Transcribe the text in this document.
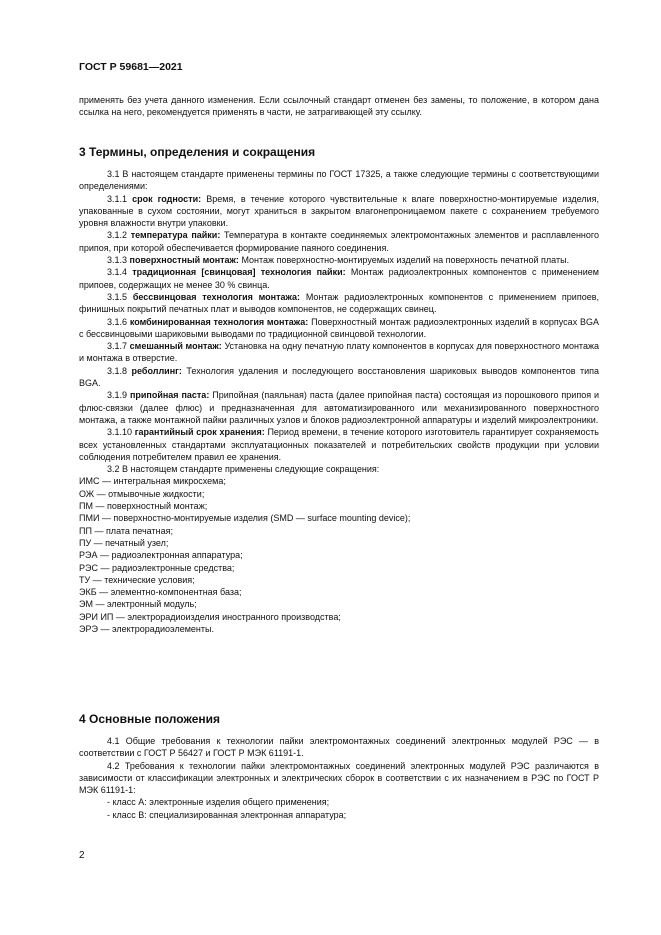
ГОСТ Р 59681—2021

применять без учета данного изменения. Если ссылочный стандарт отменен без замены, то положение, в котором дана ссылка на него, рекомендуется применять в части, не затрагивающей эту ссылку.

3 Термины, определения и сокращения

3.1 В настоящем стандарте применены термины по ГОСТ 17325, а также следующие термины с соответствующими определениями:

3.1.1 срок годности: Время, в течение которого чувствительные к влаге поверхностно-монтируемые изделия, упакованные в сухом состоянии, могут храниться в закрытом влагонепроницаемом пакете с сохранением требуемого уровня влажности внутри упаковки.

3.1.2 температура пайки: Температура в контакте соединяемых электромонтажных элементов и расплавленного припоя, при которой обеспечивается формирование паяного соединения.

3.1.3 поверхностный монтаж: Монтаж поверхностно-монтируемых изделий на поверхность печатной платы.

3.1.4 традиционная [свинцовая] технология пайки: Монтаж радиоэлектронных компонентов с применением припоев, содержащих не менее 30 % свинца.

3.1.5 бессвинцовая технология монтажа: Монтаж радиоэлектронных компонентов с применением припоев, финишных покрытий печатных плат и выводов компонентов, не содержащих свинец.

3.1.6 комбинированная технология монтажа: Поверхностный монтаж радиоэлектронных изделий в корпусах BGA с бессвинцовыми шариковыми выводами по традиционной свинцовой технологии.

3.1.7 смешанный монтаж: Установка на одну печатную плату компонентов в корпусах для поверхностного монтажа и монтажа в отверстие.

3.1.8 реболлинг: Технология удаления и последующего восстановления шариковых выводов компонентов типа BGA.

3.1.9 припойная паста: Припойная (паяльная) паста (далее припойная паста) состоящая из порошкового припоя и флюс-связки (далее флюс) и предназначенная для автоматизированного или механизированного поверхностного монтажа, а также монтажной пайки различных узлов и блоков радиоэлектронной аппаратуры и изделий микроэлектроники.

3.1.10 гарантийный срок хранения: Период времени, в течение которого изготовитель гарантирует сохраняемость всех установленных стандартами эксплуатационных показателей и потребительских свойств продукции при условии соблюдения потребителем правил ее хранения.

3.2 В настоящем стандарте применены следующие сокращения:

ИМС — интегральная микросхема;
ОЖ — отмывочные жидкости;
ПМ — поверхностный монтаж;
ПМИ — поверхностно-монтируемые изделия (SMD — surface mounting device);
ПП — плата печатная;
ПУ — печатный узел;
РЭА — радиоэлектронная аппаратура;
РЭС — радиоэлектронные средства;
ТУ — технические условия;
ЭКБ — элементно-компонентная база;
ЭМ — электронный модуль;
ЭРИ ИП — электрорадиоизделия иностранного производства;
ЭРЭ — электрорадиоэлементы.
4 Основные положения

4.1 Общие требования к технологии пайки электромонтажных соединений электронных модулей РЭС — в соответствии с ГОСТ Р 56427 и ГОСТ Р МЭК 61191-1.

4.2 Требования к технологии пайки электромонтажных соединений электронных модулей РЭС различаются в зависимости от классификации электронных и электрических сборок в соответствии с их назначением в РЭС по ГОСТ Р МЭК 61191-1:

- класс А: электронные изделия общего применения;

- класс В: специализированная электронная аппаратура;

2
